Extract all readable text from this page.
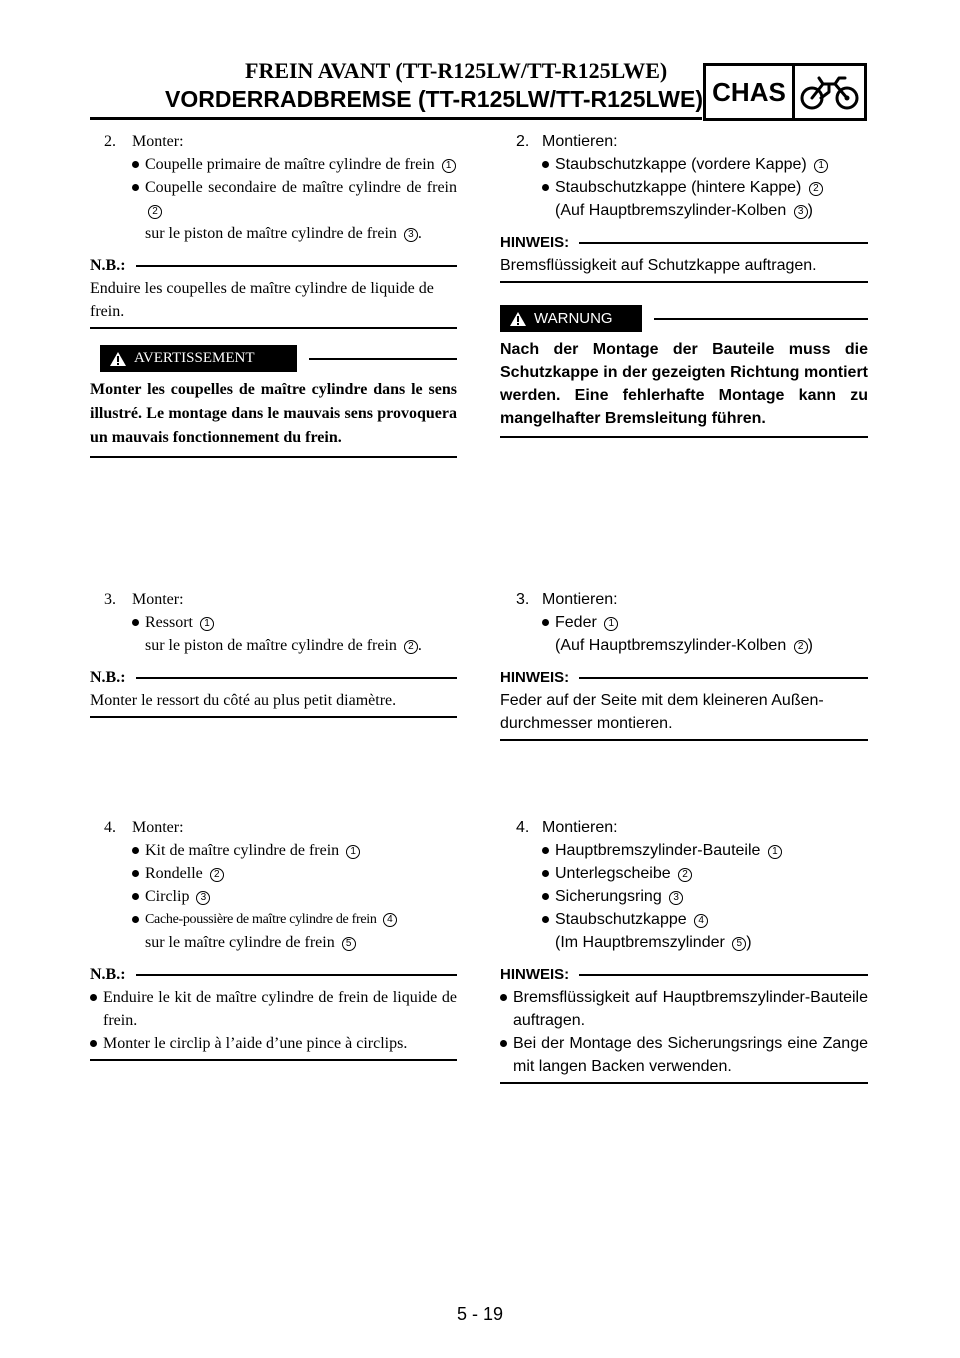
FREIN AVANT (TT-R125LW/TT-R125LWE)
VORDERRADBREMSE (TT-R125LW/TT-R125LWE) CHAS
2. Monter:
Coupelle primaire de maître cylindre de frein 1
Coupelle secondaire de maître cylindre de frein 2
sur le piston de maître cylindre de frein 3 .
N.B.:
Enduire les coupelles de maître cylindre de liquide de frein.
AVERTISSEMENT
Monter les coupelles de maître cylindre dans le sens illustré. Le montage dans le mauvais sens provoquera un mauvais fonctionnement du frein.
3. Monter:
Ressort 1
sur le piston de maître cylindre de frein 2 .
N.B.:
Monter le ressort du côté au plus petit diamètre.
4. Monter:
Kit de maître cylindre de frein 1
Rondelle 2
Circlip 3
Cache-poussière de maître cylindre de frein 4
sur le maître cylindre de frein 5
N.B.:
Enduire le kit de maître cylindre de frein de liquide de frein.
Monter le circlip à l’aide d’une pince à circlips.
2. Montieren:
Staubschutzkappe (vordere Kappe) 1
Staubschutzkappe (hintere Kappe) 2
(Auf Hauptbremszylinder-Kolben 3 )
HINWEIS:
Bremsflüssigkeit auf Schutzkappe auftragen.
WARNUNG
Nach der Montage der Bauteile muss die Schutzkappe in der gezeigten Richtung montiert werden. Eine fehlerhafte Montage kann zu mangelhafter Bremsleitung führen.
3. Montieren:
Feder 1
(Auf Hauptbremszylinder-Kolben 2 )
HINWEIS:
Feder auf der Seite mit dem kleineren Außen-durchmesser montieren.
4. Montieren:
Hauptbremszylinder-Bauteile 1
Unterlegscheibe 2
Sicherungsring 3
Staubschutzkappe 4
(Im Hauptbremszylinder 5 )
HINWEIS:
Bremsflüssigkeit auf Hauptbremszylinder-Bauteile auftragen.
Bei der Montage des Sicherungsrings eine Zange mit langen Backen verwenden.
5 - 19
